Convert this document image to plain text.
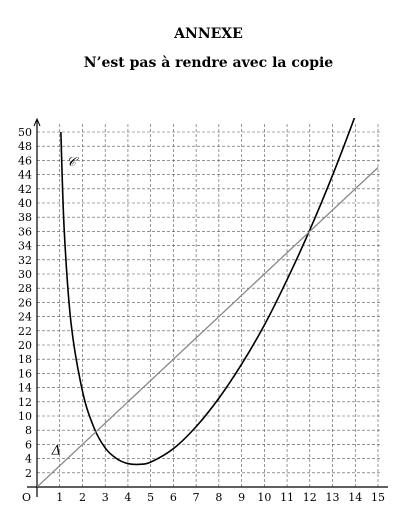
ANNEXE
N’est pas à rendre avec la copie
1 2 3 4 5 6 7 8 9 10 11 12 13 14 15
2
4
6
8
10
12
14
16
18
20
22
24
26
28
30
32
34
36
38
40
42
44
46
48
50
O
𝒞
Δ
